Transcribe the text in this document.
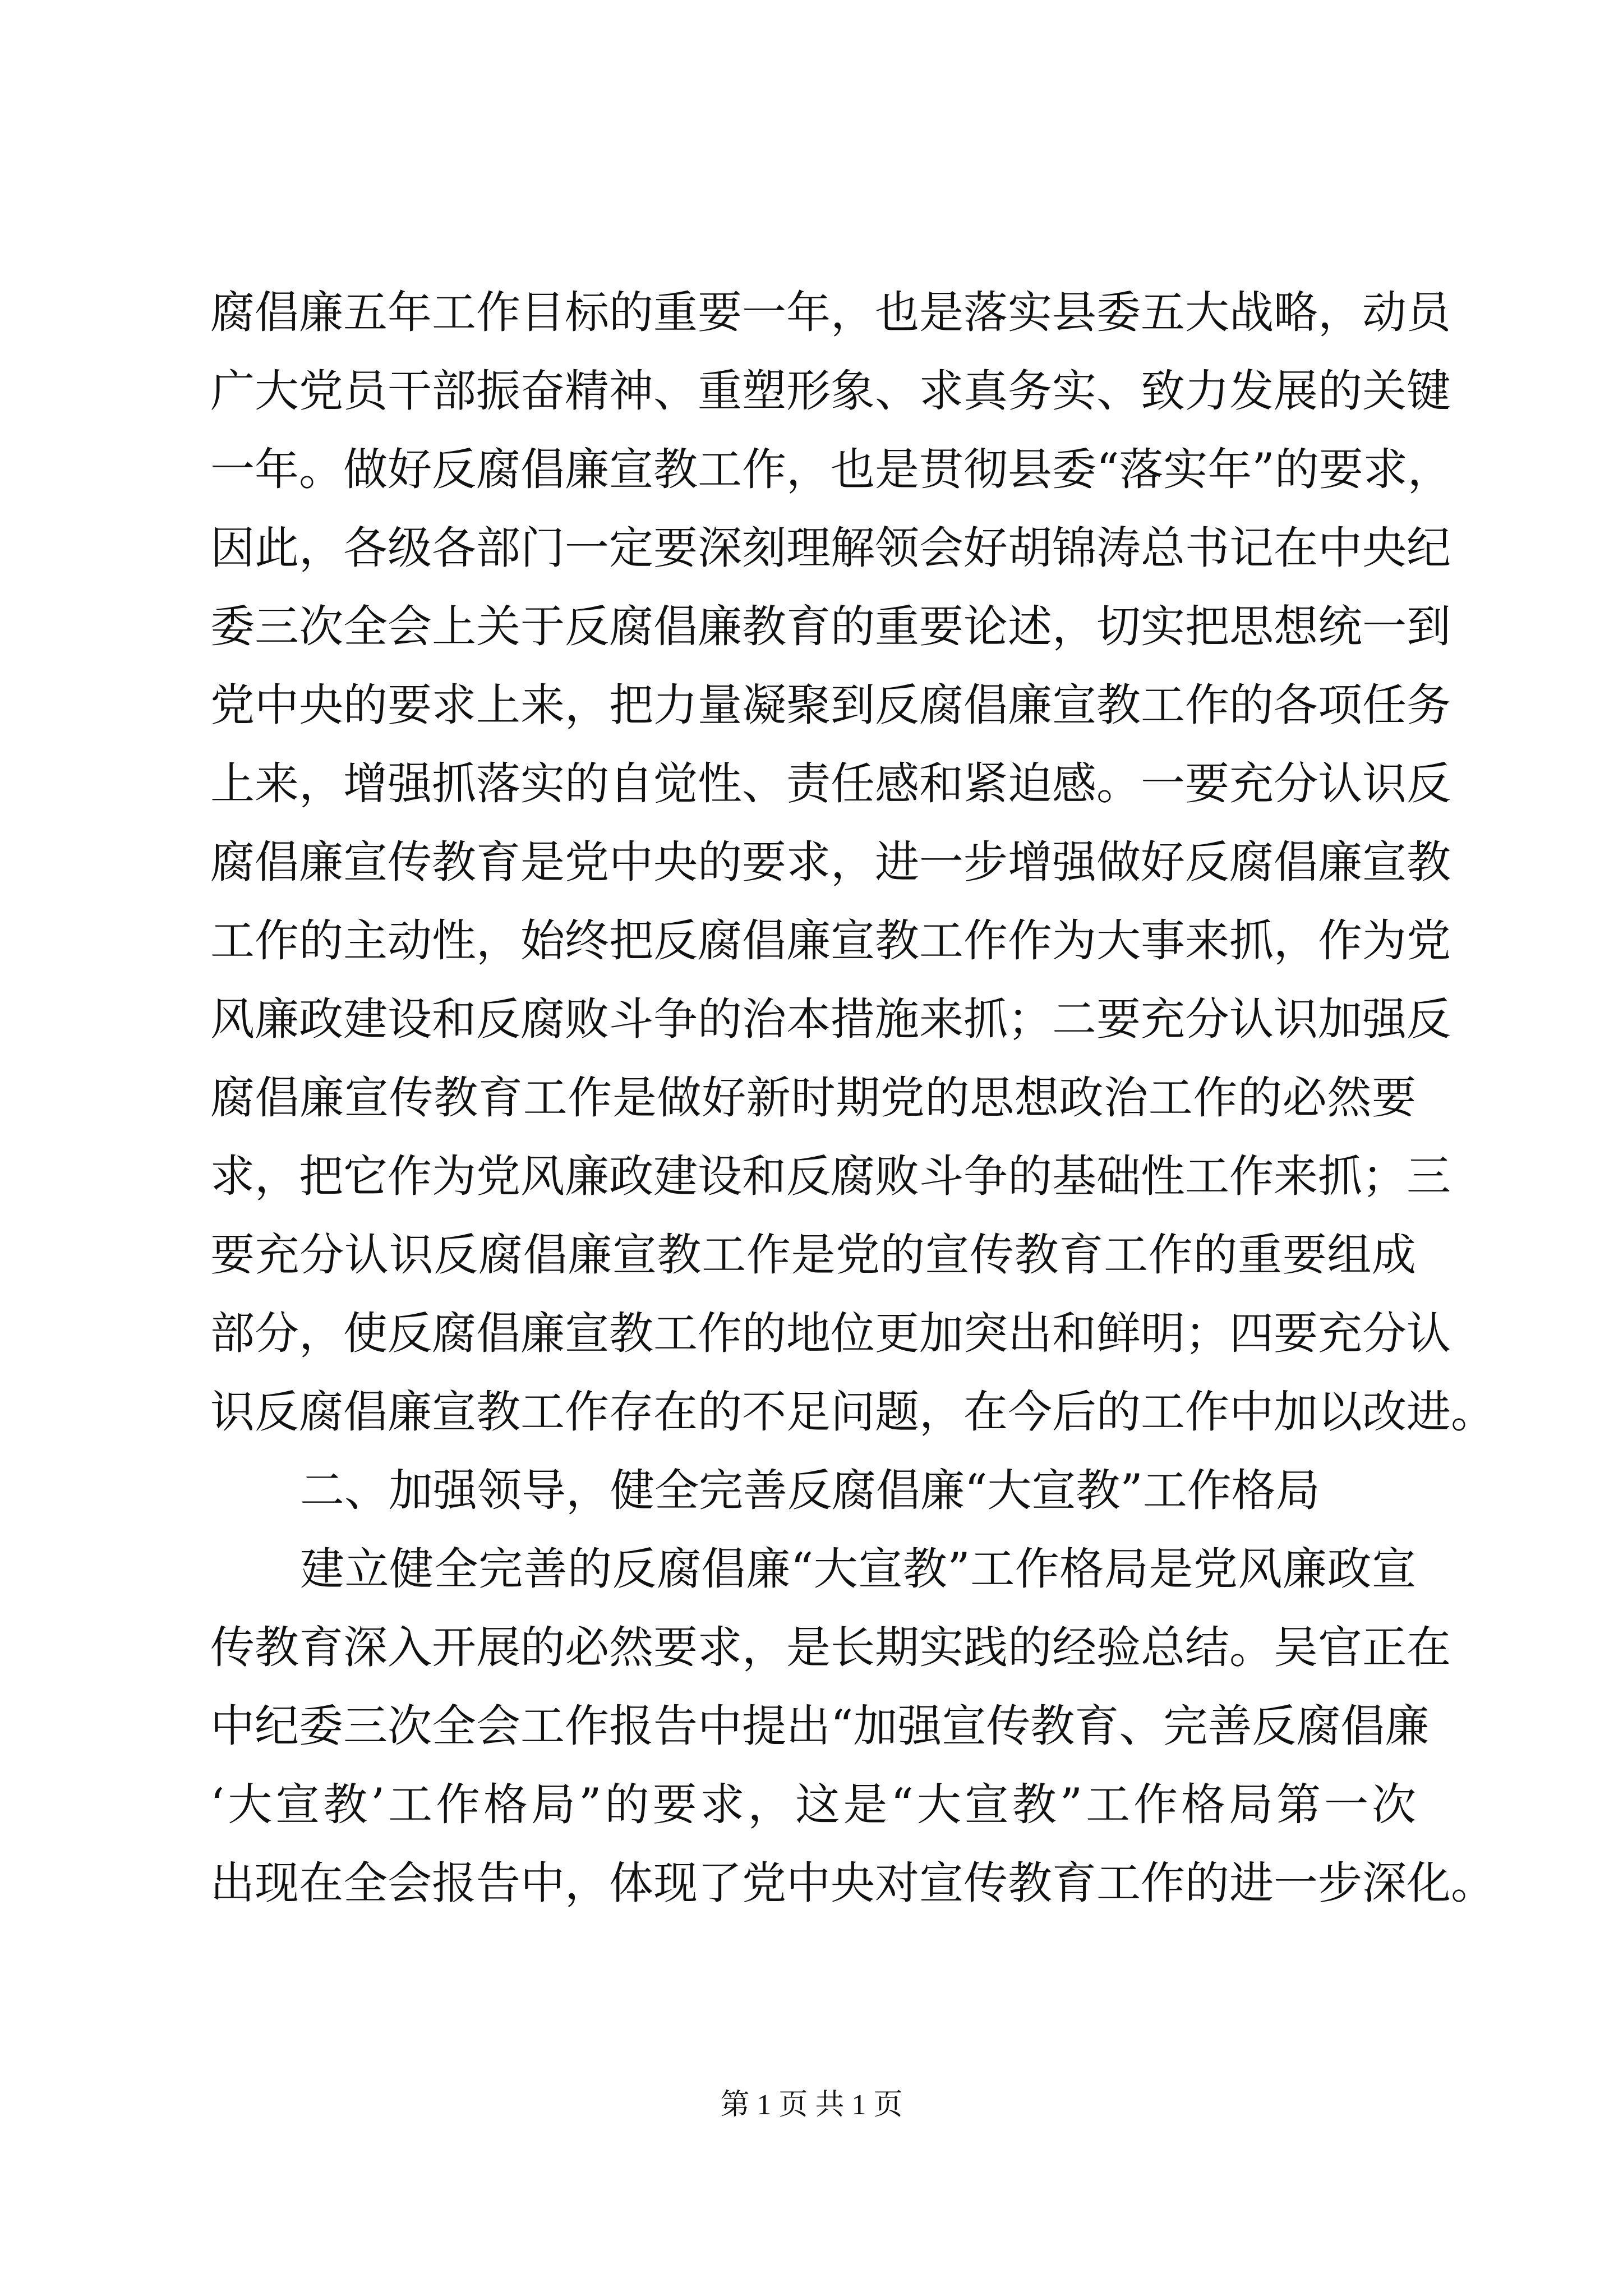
腐倡廉五年工作目标的重要一年，也是落实县委五大战略，动员
广大党员干部振奋精神、重塑形象、求真务实、致力发展的关键
一年。做好反腐倡廉宣教工作，也是贯彻县委“落实年”的要求，
因此，各级各部门一定要深刻理解领会好胡锦涛总书记在中央纪
委三次全会上关于反腐倡廉教育的重要论述，切实把思想统一到
党中央的要求上来，把力量凝聚到反腐倡廉宣教工作的各项任务
上来，增强抓落实的自觉性、责任感和紧迫感。一要充分认识反
腐倡廉宣传教育是党中央的要求，进一步增强做好反腐倡廉宣教
工作的主动性，始终把反腐倡廉宣教工作作为大事来抓，作为党
风廉政建设和反腐败斗争的治本措施来抓；二要充分认识加强反
腐倡廉宣传教育工作是做好新时期党的思想政治工作的必然要
求，把它作为党风廉政建设和反腐败斗争的基础性工作来抓；三
要充分认识反腐倡廉宣教工作是党的宣传教育工作的重要组成
部分，使反腐倡廉宣教工作的地位更加突出和鲜明；四要充分认
识反腐倡廉宣教工作存在的不足问题，在今后的工作中加以改进。
二、加强领导，健全完善反腐倡廉“大宣教”工作格局
建立健全完善的反腐倡廉“大宣教”工作格局是党风廉政宣
传教育深入开展的必然要求，是长期实践的经验总结。吴官正在
中纪委三次全会工作报告中提出“加强宣传教育、完善反腐倡廉
‘大宣教’工作格局”的要求，这是“大宣教”工作格局第一次
出现在全会报告中，体现了党中央对宣传教育工作的进一步深化。
第 1 页 共 1 页
